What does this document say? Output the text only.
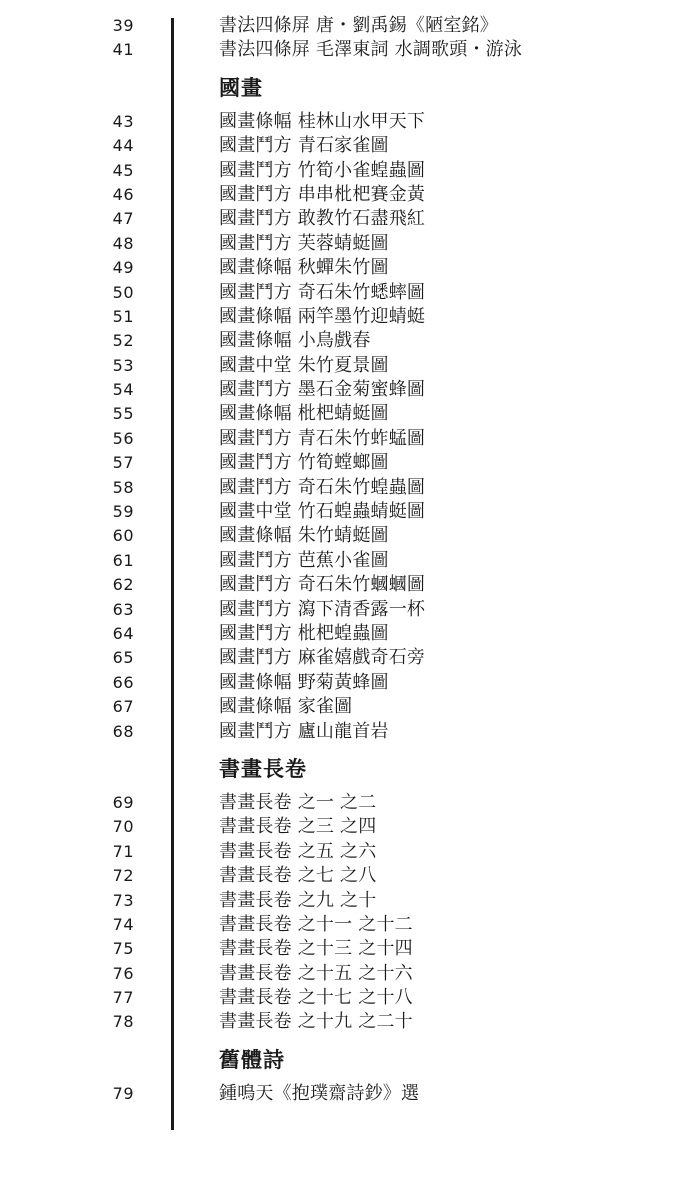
39	書法四條屏 唐・劉禹錫《陋室銘》
41	書法四條屏 毛澤東詞 水調歌頭・游泳
國畫
43	國畫條幅 桂林山水甲天下
44	國畫鬥方 青石家雀圖
45	國畫鬥方 竹筍小雀蝗蟲圖
46	國畫鬥方 串串枇杷賽金黃
47	國畫鬥方 敢教竹石盡飛紅
48	國畫鬥方 芙蓉蜻蜓圖
49	國畫條幅 秋蟬朱竹圖
50	國畫鬥方 奇石朱竹蟋蟀圖
51	國畫條幅 兩竿墨竹迎蜻蜓
52	國畫條幅 小鳥戲春
53	國畫中堂 朱竹夏景圖
54	國畫鬥方 墨石金菊蜜蜂圖
55	國畫條幅 枇杷蜻蜓圖
56	國畫鬥方 青石朱竹蚱蜢圖
57	國畫鬥方 竹筍螳螂圖
58	國畫鬥方 奇石朱竹蝗蟲圖
59	國畫中堂 竹石蝗蟲蜻蜓圖
60	國畫條幅 朱竹蜻蜓圖
61	國畫鬥方 芭蕉小雀圖
62	國畫鬥方 奇石朱竹蟈蟈圖
63	國畫鬥方 瀉下清香露一杯
64	國畫鬥方 枇杷蝗蟲圖
65	國畫鬥方 麻雀嬉戲奇石旁
66	國畫條幅 野菊黃蜂圖
67	國畫條幅 家雀圖
68	國畫鬥方 廬山龍首岩
書畫長卷
69	書畫長卷 之一 之二
70	書畫長卷 之三 之四
71	書畫長卷 之五 之六
72	書畫長卷 之七 之八
73	書畫長卷 之九 之十
74	書畫長卷 之十一 之十二
75	書畫長卷 之十三 之十四
76	書畫長卷 之十五 之十六
77	書畫長卷 之十七 之十八
78	書畫長卷 之十九 之二十
舊體詩
79	鍾鳴天《抱璞齋詩鈔》選
